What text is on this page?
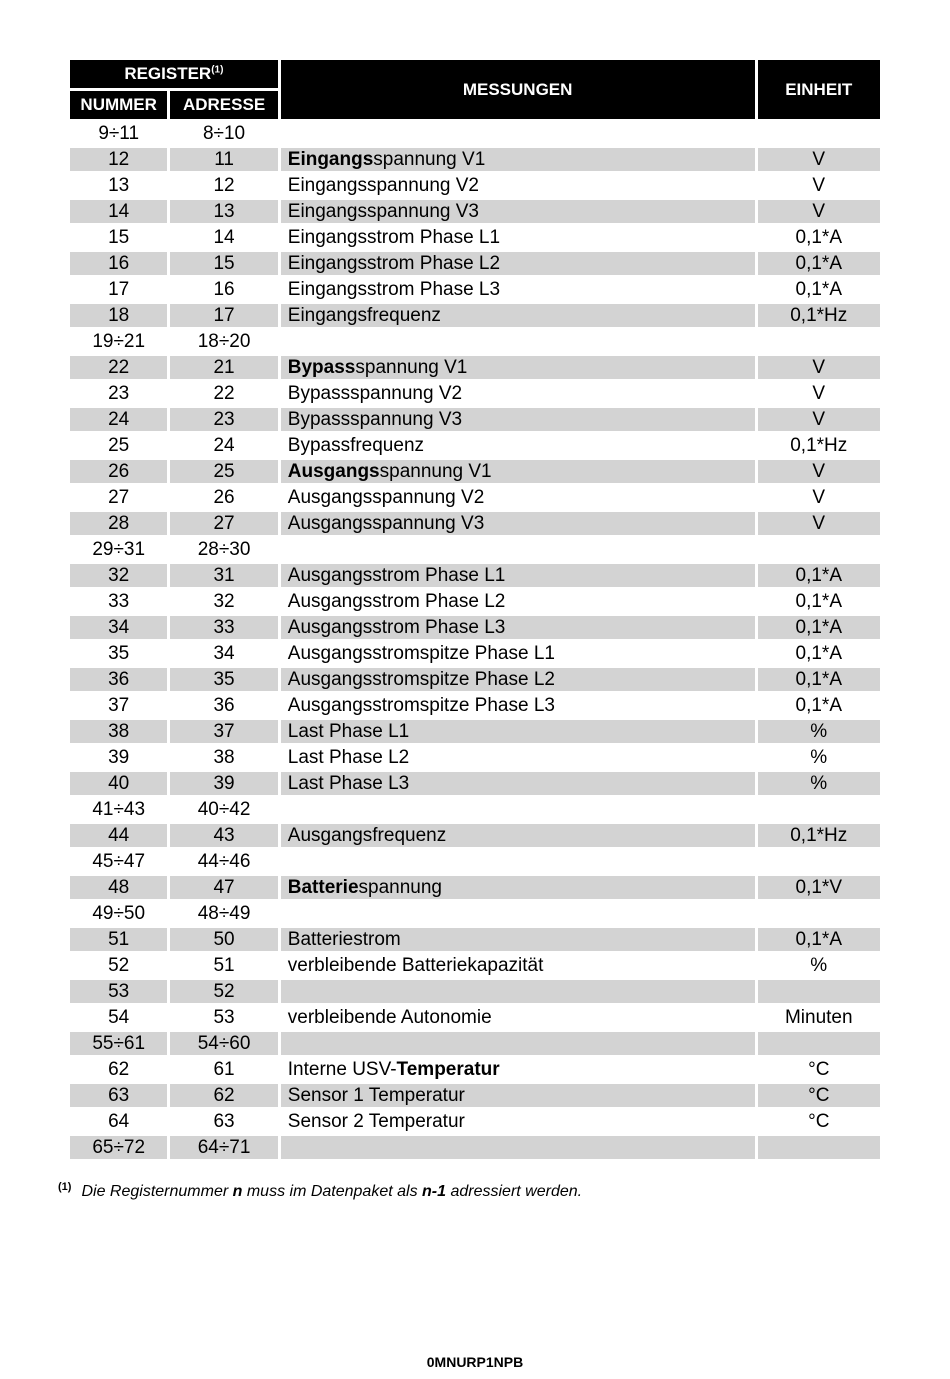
REGISTER$^{(1)}$		MESSUNGEN	EINHEIT
NUMMER	ADRESSE		
9÷11	8÷10		
12	11	Eingangsspannung V1	V
13	12	Eingangsspannung V2	V
14	13	Eingangsspannung V3	V
15	14	Eingangsstrom Phase L1	0,1*A
16	15	Eingangsstrom Phase L2	0,1*A
17	16	Eingangsstrom Phase L3	0,1*A
18	17	Eingangsfrequenz	0,1*Hz
19÷21	18÷20		
22	21	Bypassspannung V1	V
23	22	Bypassspannung V2	V
24	23	Bypassspannung V3	V
25	24	Bypassfrequenz	0,1*Hz
26	25	Ausgangsspannung V1	V
27	26	Ausgangsspannung V2	V
28	27	Ausgangsspannung V3	V
29÷31	28÷30		
32	31	Ausgangsstrom Phase L1	0,1*A
33	32	Ausgangsstrom Phase L2	0,1*A
34	33	Ausgangsstrom Phase L3	0,1*A
35	34	Ausgangsstromspitze Phase L1	0,1*A
36	35	Ausgangsstromspitze Phase L2	0,1*A
37	36	Ausgangsstromspitze Phase L3	0,1*A
38	37	Last Phase L1	%
39	38	Last Phase L2	%
40	39	Last Phase L3	%
41÷43	40÷42		
44	43	Ausgangsfrequenz	0,1*Hz
45÷47	44÷46		
48	47	Batteriespannung	0,1*V
49÷50	48÷49		
51	50	Batteriestrom	0,1*A
52	51	verbleibende Batteriekapazität	%
53	52		
54	53	verbleibende Autonomie	Minuten
55÷61	54÷60		
62	61	Interne USV-Temperatur	°C
63	62	Sensor 1 Temperatur	°C
64	63	Sensor 2 Temperatur	°C
65÷72	64÷71		
$^{(1)}$ Die Registernummer n muss im Datenpaket als n-1 adressiert werden.
0MNURP1NPB
